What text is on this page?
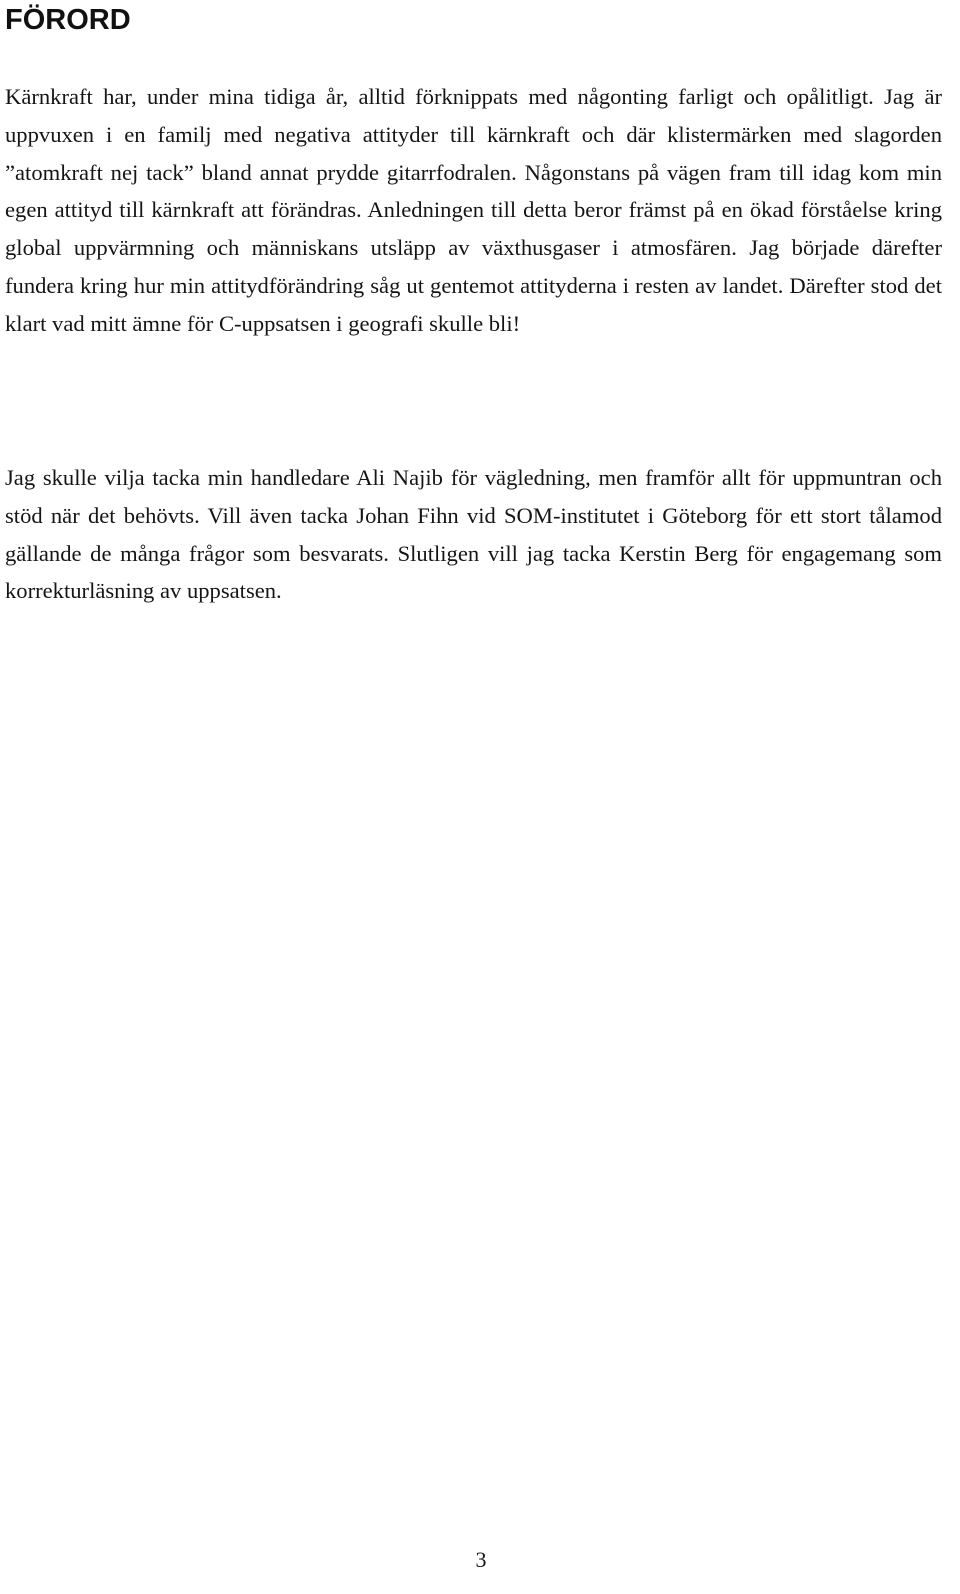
FÖRORD

Kärnkraft har, under mina tidiga år, alltid förknippats med någonting farligt och opålitligt. Jag är uppvuxen i en familj med negativa attityder till kärnkraft och där klistermärken med slagorden ”atomkraft nej tack” bland annat prydde gitarrfodralen. Någonstans på vägen fram till idag kom min egen attityd till kärnkraft att förändras. Anledningen till detta beror främst på en ökad förståelse kring global uppvärmning och människans utsläpp av växthusgaser i atmosfären. Jag började därefter fundera kring hur min attitydförändring såg ut gentemot attityderna i resten av landet. Därefter stod det klart vad mitt ämne för C-uppsatsen i geografi skulle bli!

Jag skulle vilja tacka min handledare Ali Najib för vägledning, men framför allt för uppmuntran och stöd när det behövts. Vill även tacka Johan Fihn vid SOM-institutet i Göteborg för ett stort tålamod gällande de många frågor som besvarats. Slutligen vill jag tacka Kerstin Berg för engagemang som korrekturläsning av uppsatsen.

3
